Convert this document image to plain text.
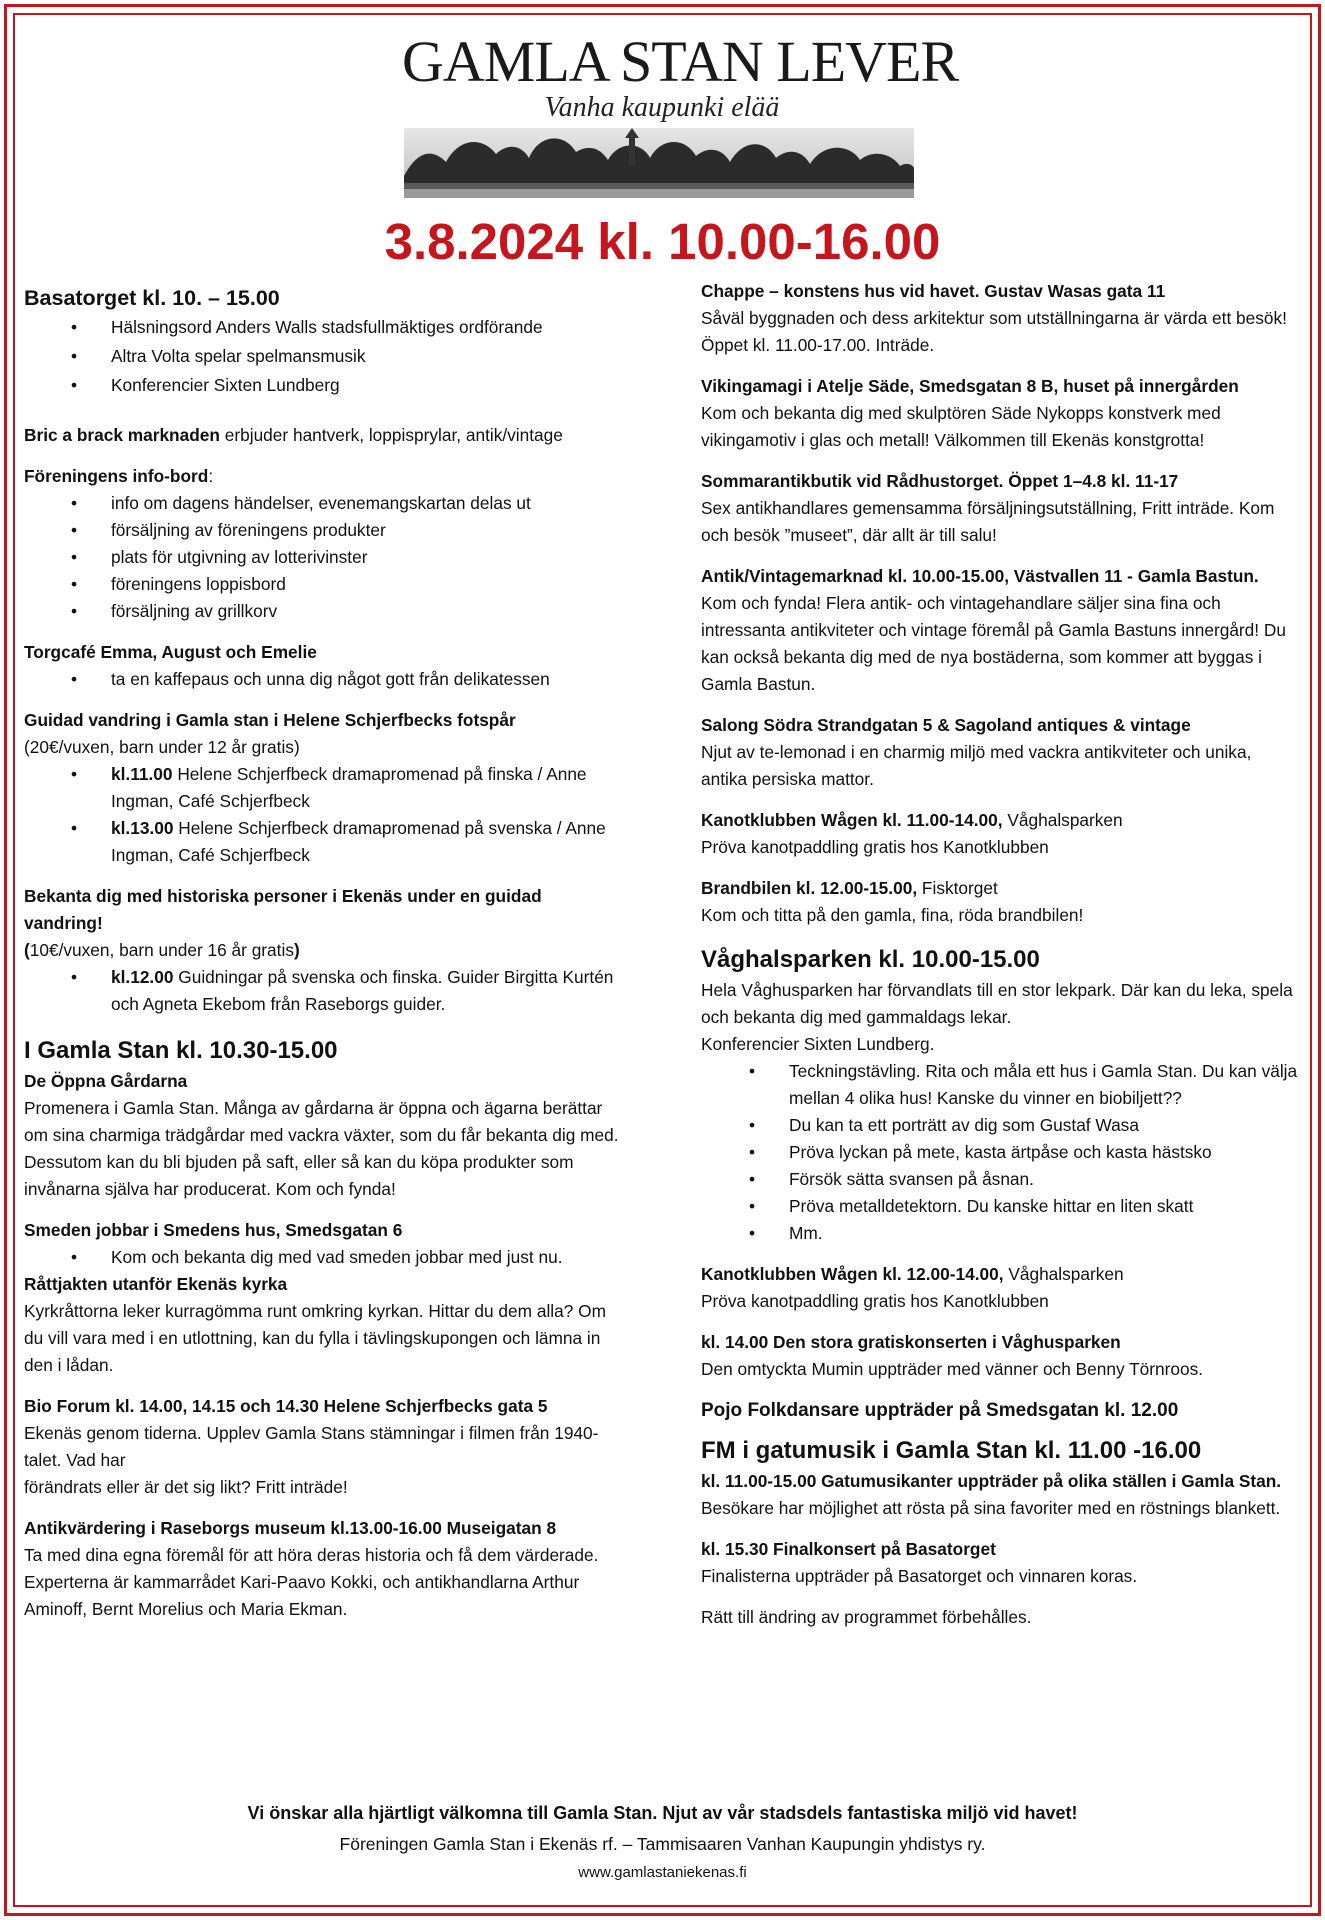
GAMLA STAN LEVER
Vanha kaupunki elää
3.8.2024 kl. 10.00-16.00

Basatorget kl. 10. – 15.00

• Hälsningsord Anders Walls stadsfullmäktiges ordförande
• Altra Volta spelar spelmansmusik
• Konferencier Sixten Lundberg

Bric a brack marknaden erbjuder hantverk, loppisprylar, antik/vintage

Föreningens info-bord:

• info om dagens händelser, evenemangskartan delas ut
• försäljning av föreningens produkter
• plats för utgivning av lotterivinster
• föreningens loppisbord
• försäljning av grillkorv

Torgcafé Emma, August och Emelie

• ta en kaffepaus och unna dig något gott från delikatessen

Guidad vandring i Gamla stan i Helene Schjerfbecks fotspår

(20€/vuxen, barn under 12 år gratis)

• kl.11.00 Helene Schjerfbeck dramapromenad på finska / Anne Ingman, Café Schjerfbeck
• kl.13.00 Helene Schjerfbeck dramapromenad på svenska / Anne Ingman, Café Schjerfbeck

Bekanta dig med historiska personer i Ekenäs under en guidad vandring!

(10€/vuxen, barn under 16 år gratis)

• kl.12.00 Guidningar på svenska och finska. Guider Birgitta Kurtén och Agneta Ekebom från Raseborgs guider.

I Gamla Stan kl. 10.30-15.00

De Öppna Gårdarna

Promenera i Gamla Stan. Många av gårdarna är öppna och ägarna berättar om sina charmiga trädgårdar med vackra växter, som du får bekanta dig med. Dessutom kan du bli bjuden på saft, eller så kan du köpa produkter som invånarna själva har producerat. Kom och fynda!

Smeden jobbar i Smedens hus, Smedsgatan 6

• Kom och bekanta dig med vad smeden jobbar med just nu.

Råttjakten utanför Ekenäs kyrka

Kyrkråttorna leker kurragömma runt omkring kyrkan. Hittar du dem alla? Om du vill vara med i en utlottning, kan du fylla i tävlingskupongen och lämna in den i lådan.

Bio Forum kl. 14.00, 14.15 och 14.30 Helene Schjerfbecks gata 5

Ekenäs genom tiderna. Upplev Gamla Stans stämningar i filmen från 1940-talet. Vad har

förändrats eller är det sig likt? Fritt inträde!

Antikvärdering i Raseborgs museum kl.13.00-16.00 Museigatan 8

Ta med dina egna föremål för att höra deras historia och få dem värderade. Experterna är kammarrådet Kari-Paavo Kokki, och antikhandlarna Arthur Aminoff, Bernt Morelius och Maria Ekman.

Chappe – konstens hus vid havet. Gustav Wasas gata 11

Såväl byggnaden och dess arkitektur som utställningarna är värda ett besök! Öppet kl. 11.00-17.00. Inträde.

Vikingamagi i Atelje Säde, Smedsgatan 8 B, huset på innergården

Kom och bekanta dig med skulptören Säde Nykopps konstverk med vikingamotiv i glas och metall! Välkommen till Ekenäs konstgrotta!

Sommarantikbutik vid Rådhustorget. Öppet 1–4.8 kl. 11-17

Sex antikhandlares gemensamma försäljningsutställning, Fritt inträde. Kom och besök ”museet”, där allt är till salu!

Antik/Vintagemarknad kl. 10.00-15.00, Västvallen 11 - Gamla Bastun.

Kom och fynda! Flera antik- och vintagehandlare säljer sina fina och intressanta antikviteter och vintage föremål på Gamla Bastuns innergård! Du kan också bekanta dig med de nya bostäderna, som kommer att byggas i Gamla Bastun.

Salong Södra Strandgatan 5 & Sagoland antiques & vintage

Njut av te-lemonad i en charmig miljö med vackra antikviteter och unika, antika persiska mattor.

Kanotklubben Wågen kl. 11.00-14.00, Våghalsparken

Pröva kanotpaddling gratis hos Kanotklubben

Brandbilen kl. 12.00-15.00, Fisktorget

Kom och titta på den gamla, fina, röda brandbilen!

Våghalsparken kl. 10.00-15.00

Hela Våghusparken har förvandlats till en stor lekpark. Där kan du leka, spela och bekanta dig med gammaldags lekar.

Konferencier Sixten Lundberg.

• Teckningstävling. Rita och måla ett hus i Gamla Stan. Du kan välja mellan 4 olika hus! Kanske du vinner en biobiljett??
• Du kan ta ett porträtt av dig som Gustaf Wasa
• Pröva lyckan på mete, kasta ärtpåse och kasta hästsko
• Försök sätta svansen på åsnan.
• Pröva metalldetektorn. Du kanske hittar en liten skatt
• Mm.

Kanotklubben Wågen kl. 12.00-14.00, Våghalsparken

Pröva kanotpaddling gratis hos Kanotklubben

kl. 14.00 Den stora gratiskonserten i Våghusparken

Den omtyckta Mumin uppträder med vänner och Benny Törnroos.

Pojo Folkdansare uppträder på Smedsgatan kl. 12.00

FM i gatumusik i Gamla Stan kl. 11.00 -16.00

kl. 11.00-15.00 Gatumusikanter uppträder på olika ställen i Gamla Stan.

Besökare har möjlighet att rösta på sina favoriter med en röstnings blankett.

kl. 15.30 Finalkonsert på Basatorget

Finalisterna uppträder på Basatorget och vinnaren koras.

Rätt till ändring av programmet förbehålles.

Vi önskar alla hjärtligt välkomna till Gamla Stan. Njut av vår stadsdels fantastiska miljö vid havet!
Föreningen Gamla Stan i Ekenäs rf. – Tammisaaren Vanhan Kaupungin yhdistys ry.
www.gamlastaniekenas.fi
